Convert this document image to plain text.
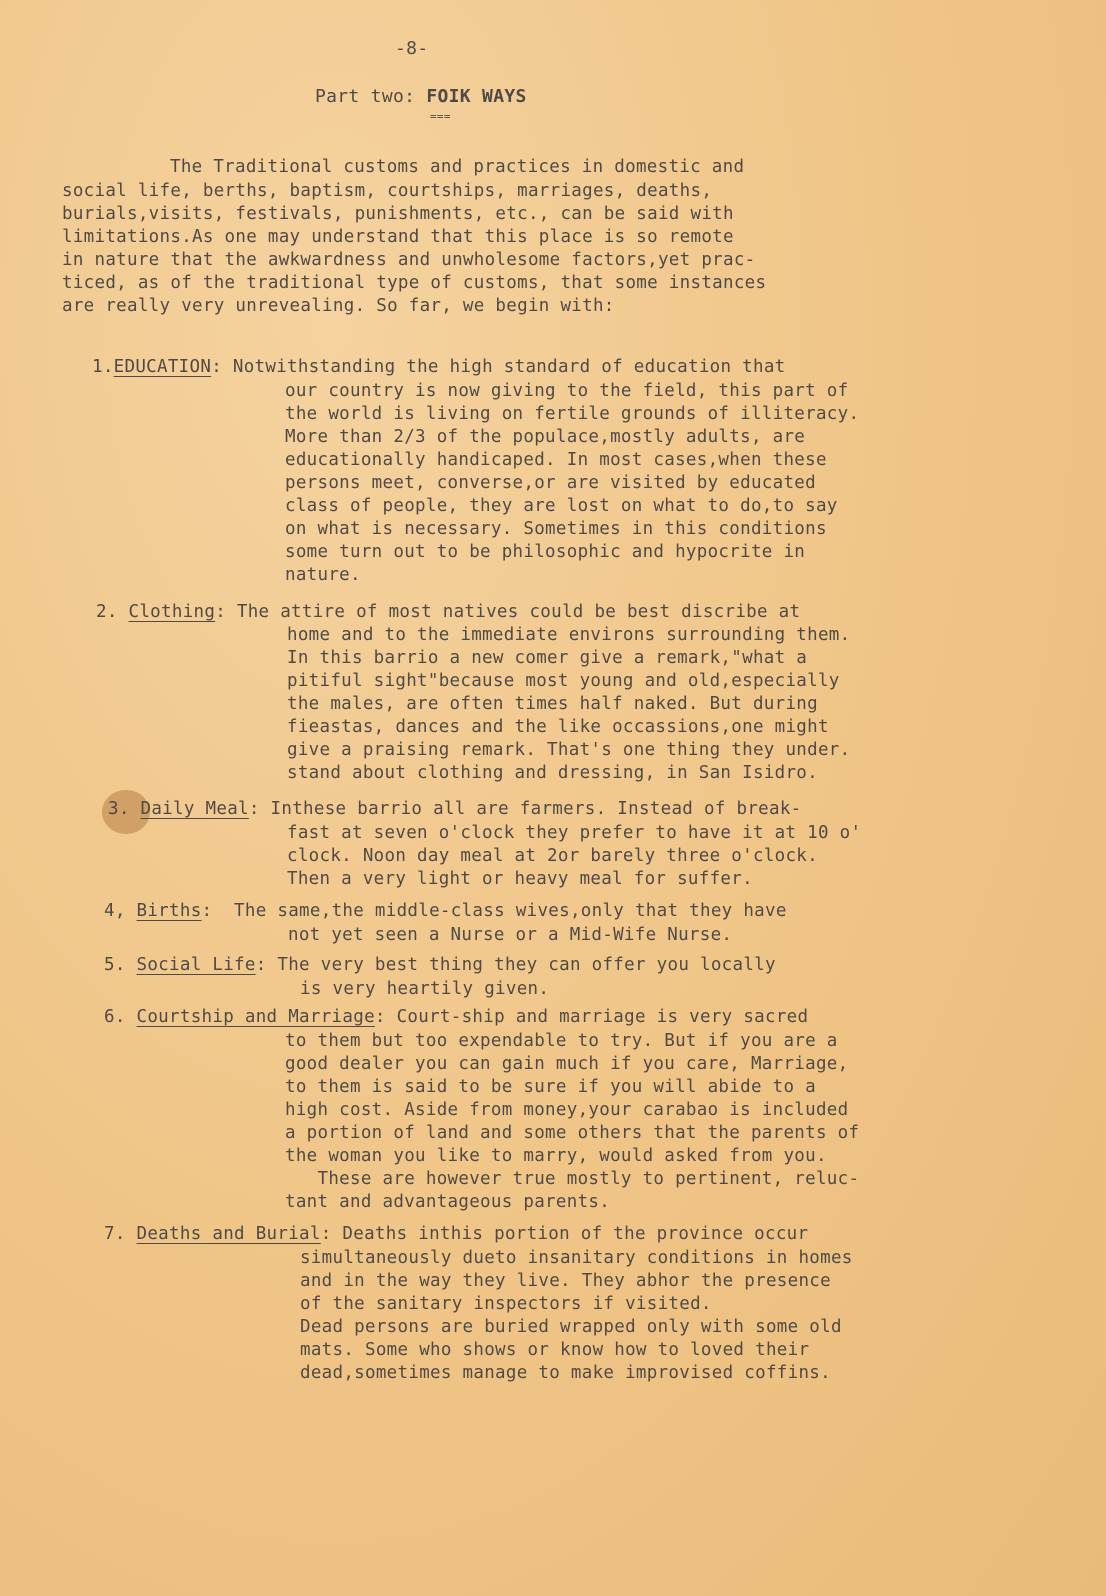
-8-
Part two: FOIK WAYS
===
The Traditional customs and practices in domestic and
social life, berths, baptism, courtships, marriages, deaths,
burials,visits, festivals, punishments, etc., can be said with
limitations.As one may understand that this place is so remote
in nature that the awkwardness and unwholesome factors,yet prac-
ticed, as of the traditional type of customs, that some instances
are really very unrevealing. So far, we begin with:
1.EDUCATION: Notwithstanding the high standard of education that
our country is now giving to the field, this part of
the world is living on fertile grounds of illiteracy.
More than 2/3 of the populace,mostly adults, are
educationally handicaped. In most cases,when these
persons meet, converse,or are visited by educated
class of people, they are lost on what to do,to say
on what is necessary. Sometimes in this conditions
some turn out to be philosophic and hypocrite in
nature.
2. Clothing: The attire of most natives could be best discribe at
home and to the immediate environs surrounding them.
In this barrio a new comer give a remark,"what a
pitiful sight"because most young and old,especially
the males, are often times half naked. But during
fieastas, dances and the like occassions,one might
give a praising remark. That's one thing they under.
stand about clothing and dressing, in San Isidro.
3. Daily Meal: Inthese barrio all are farmers. Instead of break-
fast at seven o'clock they prefer to have it at 10 o'
clock. Noon day meal at 2or barely three o'clock.
Then a very light or heavy meal for suffer.
4, Births:  The same,the middle-class wives,only that they have
not yet seen a Nurse or a Mid-Wife Nurse.
5. Social Life: The very best thing they can offer you locally
is very heartily given.
6. Courtship and Marriage: Court-ship and marriage is very sacred
to them but too expendable to try. But if you are a
good dealer you can gain much if you care, Marriage,
to them is said to be sure if you will abide to a
high cost. Aside from money,your carabao is included
a portion of land and some others that the parents of
the woman you like to marry, would asked from you.
These are however true mostly to pertinent, reluc-
tant and advantageous parents.
7. Deaths and Burial: Deaths inthis portion of the province occur
simultaneously dueto insanitary conditions in homes
and in the way they live. They abhor the presence
of the sanitary inspectors if visited.
Dead persons are buried wrapped only with some old
mats. Some who shows or know how to loved their
dead,sometimes manage to make improvised coffins.
